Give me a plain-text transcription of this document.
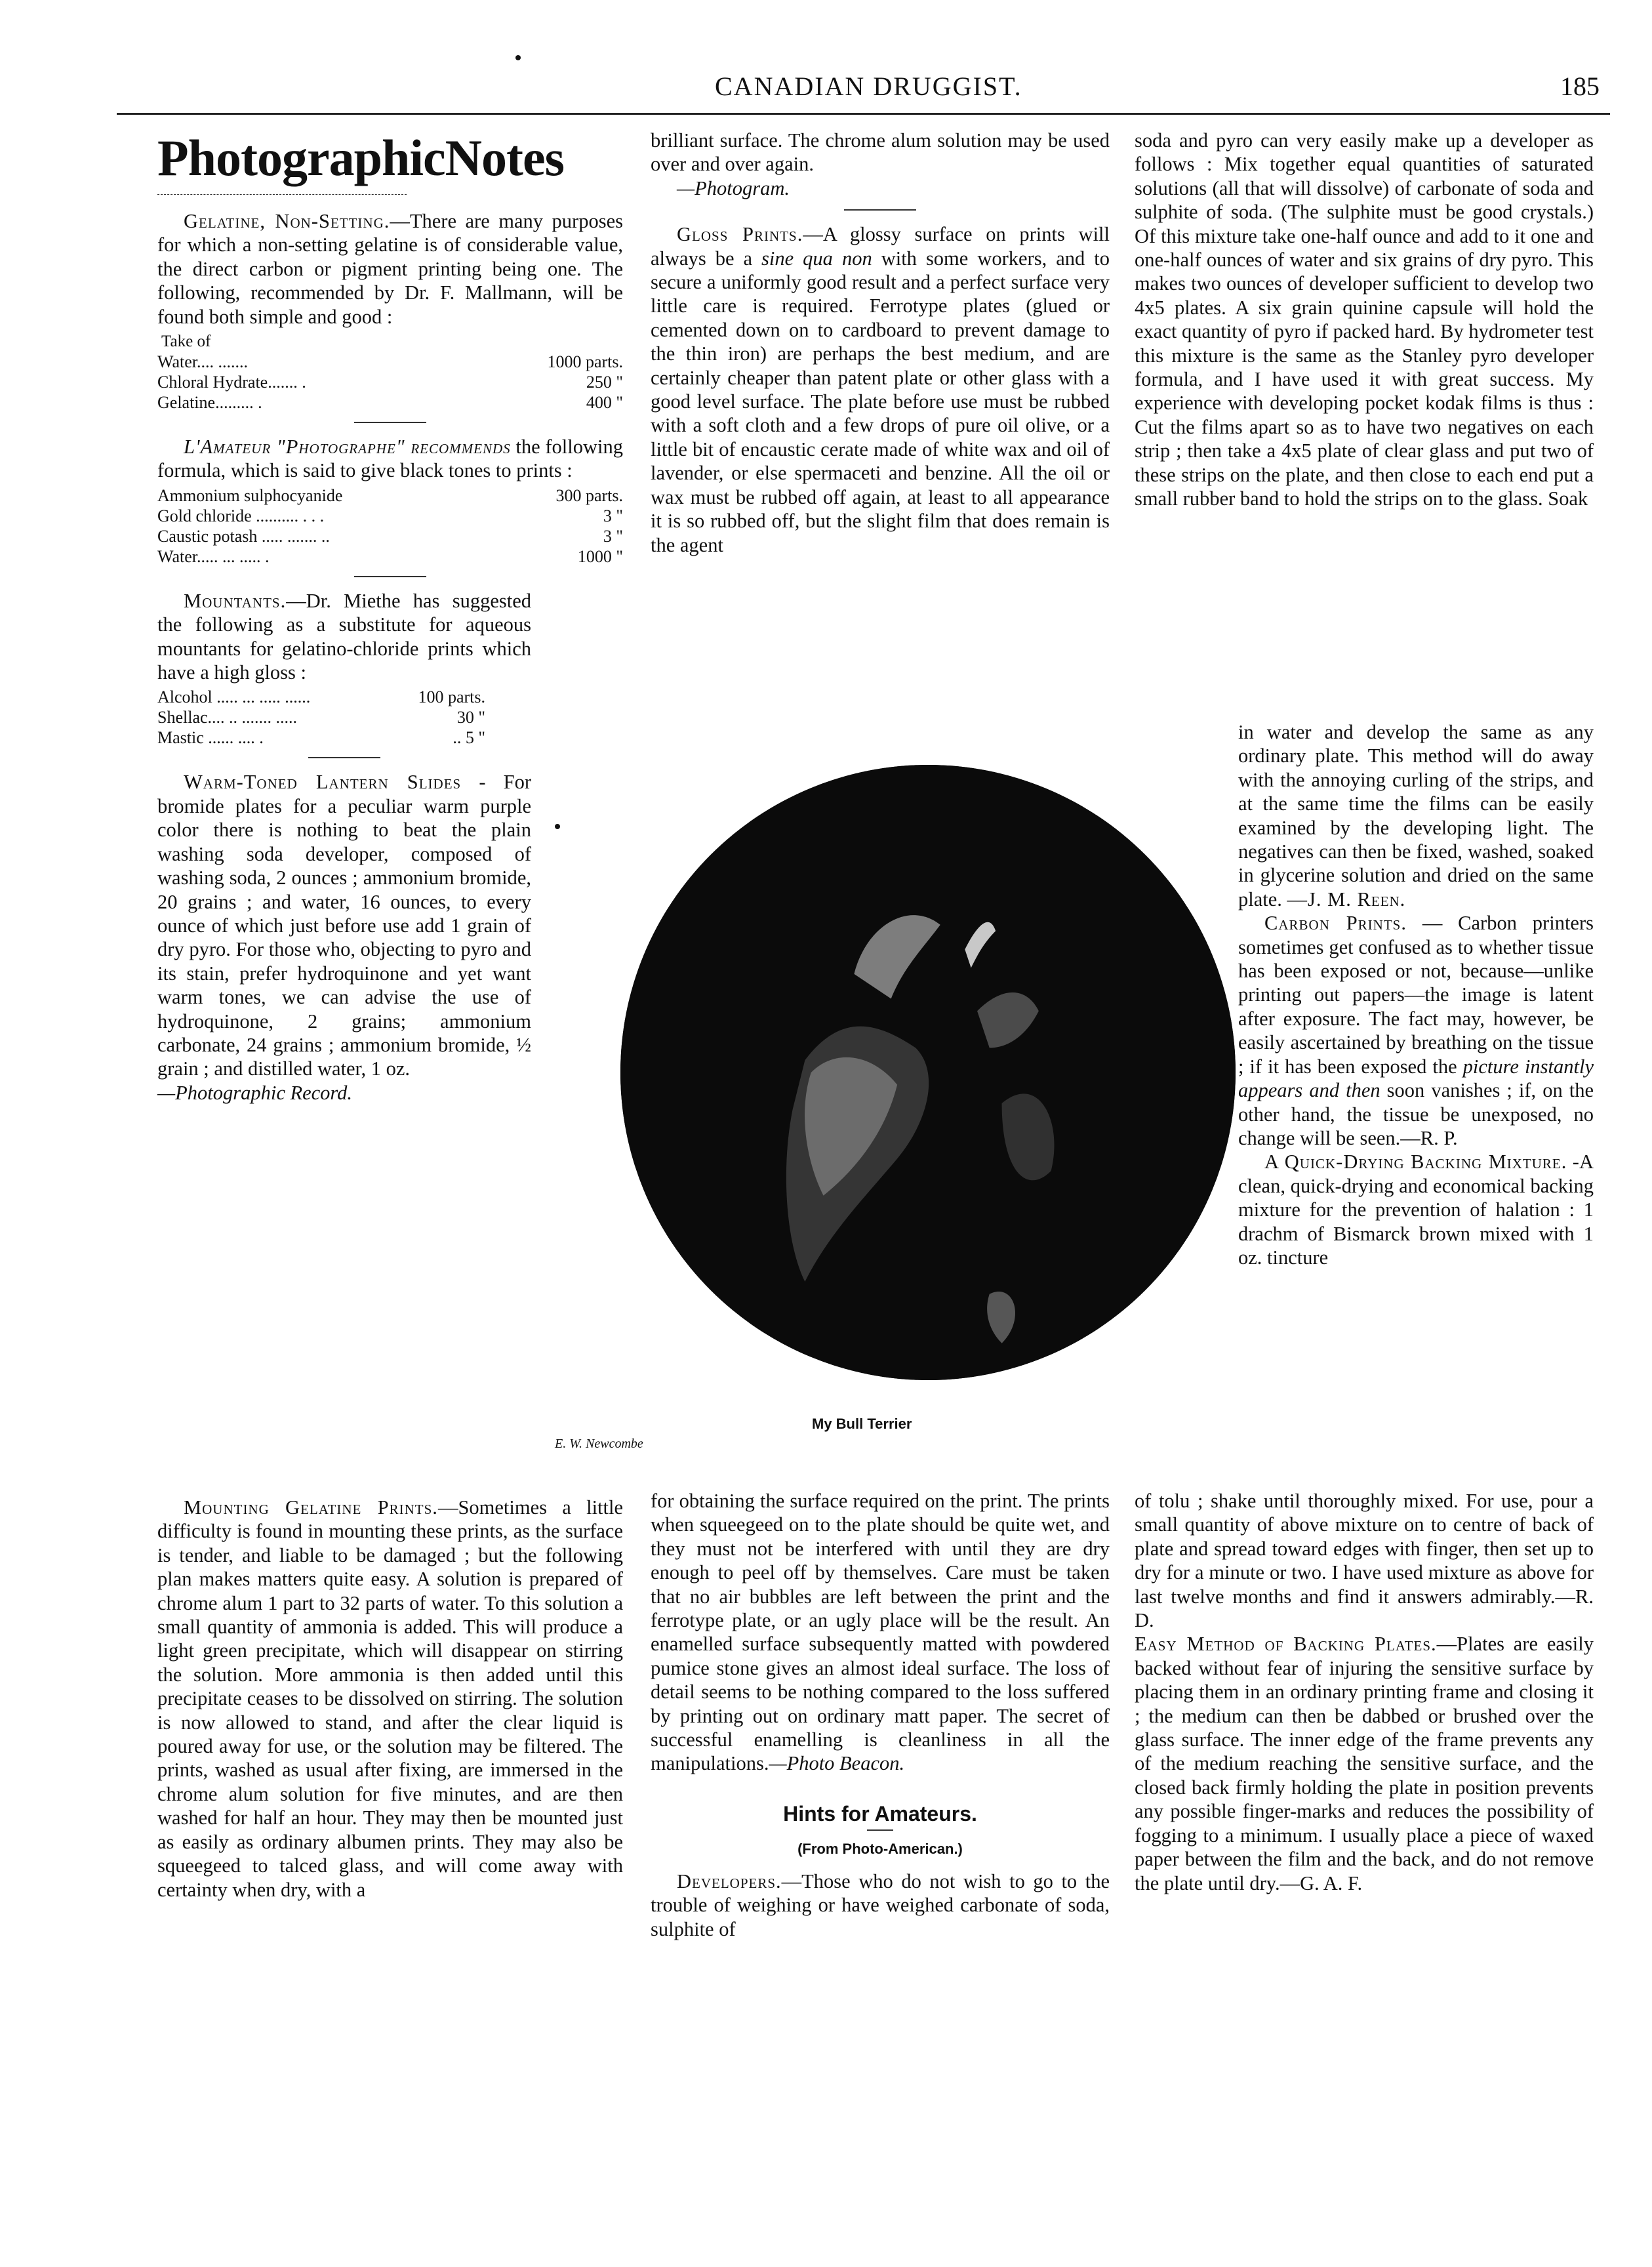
CANADIAN DRUGGIST.	185
PhotographicNotes

Gelatine, Non-Setting.—There are many purposes for which a non-setting gelatine is of considerable value, the direct carbon or pigment printing being one. The following, recommended by Dr. F. Mallmann, will be found both simple and good :

Take of
Water.... .......	1000 parts.
Chloral Hydrate....... .	250 "
Gelatine......... .	400 "

L'Amateur "Photographe" recommends the following formula, which is said to give black tones to prints :

Ammonium sulphocyanide	300 parts.
Gold chloride .......... . . .	3 "
Caustic potash ..... ....... ..	3 "
Water..... ... ..... .	1000 "

Mountants.—Dr. Miethe has suggested the following as a substitute for aqueous mountants for gelatino-chloride prints which have a high gloss :

Alcohol ..... ... ..... ......	100 parts.
Shellac.... .. ....... .....	30 "
Mastic ...... .... .	.. 5 "

Warm-Toned Lantern Slides - For bromide plates for a peculiar warm purple color there is nothing to beat the plain washing soda developer, composed of washing soda, 2 ounces ; ammonium bromide, 20 grains ; and water, 16 ounces, to every ounce of which just before use add 1 grain of dry pyro. For those who, objecting to pyro and its stain, prefer hydroquinone and yet want warm tones, we can advise the use of hydroquinone, 2 grains; ammonium carbonate, 24 grains ; ammonium bromide, ½ grain ; and distilled water, 1 oz.

—Photographic Record.

Mounting Gelatine Prints.—Sometimes a little difficulty is found in mounting these prints, as the surface is tender, and liable to be damaged ; but the following plan makes matters quite easy. A solution is prepared of chrome alum 1 part to 32 parts of water. To this solution a small quantity of ammonia is added. This will produce a light green precipitate, which will disappear on stirring the solution. More ammonia is then added until this precipitate ceases to be dissolved on stirring. The solution is now allowed to stand, and after the clear liquid is poured away for use, or the solution may be filtered. The prints, washed as usual after fixing, are immersed in the chrome alum solution for five minutes, and are then washed for half an hour. They may then be mounted just as easily as ordinary albumen prints. They may also be squeegeed to talced glass, and will come away with certainty when dry, with a

brilliant surface. The chrome alum solution may be used over and over again.

—Photogram.

Gloss Prints.—A glossy surface on prints will always be a sine qua non with some workers, and to secure a uniformly good result and a perfect surface very little care is required. Ferrotype plates (glued or cemented down on to cardboard to prevent damage to the thin iron) are perhaps the best medium, and are certainly cheaper than patent plate or other glass with a good level surface. The plate before use must be rubbed with a soft cloth and a few drops of pure oil olive, or a little bit of encaustic cerate made of white wax and oil of lavender, or else spermaceti and benzine. All the oil or wax must be rubbed off again, at least to all appearance it is so rubbed off, but the slight film that does remain is the agent

for obtaining the surface required on the print. The prints when squeegeed on to the plate should be quite wet, and they must not be interfered with until they are dry enough to peel off by themselves. Care must be taken that no air bubbles are left between the print and the ferrotype plate, or an ugly place will be the result. An enamelled surface subsequently matted with powdered pumice stone gives an almost ideal surface. The loss of detail seems to be nothing compared to the loss suffered by printing out on ordinary matt paper. The secret of successful enamelling is cleanliness in all the manipulations.—Photo Beacon.

Hints for Amateurs.
(From Photo-American.)

Developers.—Those who do not wish to go to the trouble of weighing or have weighed carbonate of soda, sulphite of

soda and pyro can very easily make up a developer as follows : Mix together equal quantities of saturated solutions (all that will dissolve) of carbonate of soda and sulphite of soda. (The sulphite must be good crystals.) Of this mixture take one-half ounce and add to it one and one-half ounces of water and six grains of dry pyro. This makes two ounces of developer sufficient to develop two 4x5 plates. A six grain quinine capsule will hold the exact quantity of pyro if packed hard. By hydrometer test this mixture is the same as the Stanley pyro developer formula, and I have used it with great success. My experience with developing pocket kodak films is thus : Cut the films apart so as to have two negatives on each strip ; then take a 4x5 plate of clear glass and put two of these strips on the plate, and then close to each end put a small rubber band to hold the strips on to the glass. Soak

in water and develop the same as any ordinary plate. This method will do away with the annoying curling of the strips, and at the same time the films can be easily examined by the developing light. The negatives can then be fixed, washed, soaked in glycerine solution and dried on the same plate. —J. M. Reen.

Carbon Prints. — Carbon printers sometimes get confused as to whether tissue has been exposed or not, because—unlike printing out papers—the image is latent after exposure. The fact may, however, be easily ascertained by breathing on the tissue ; if it has been exposed the picture instantly appears and then soon vanishes ; if, on the other hand, the tissue be unexposed, no change will be seen.—R. P.

A Quick-Drying Backing Mixture. -A clean, quick-drying and economical backing mixture for the prevention of halation : 1 drachm of Bismarck brown mixed with 1 oz. tincture

of tolu ; shake until thoroughly mixed. For use, pour a small quantity of above mixture on to centre of back of plate and spread toward edges with finger, then set up to dry for a minute or two. I have used mixture as above for last twelve months and find it answers admirably.—R. D.

Easy Method of Backing Plates.—Plates are easily backed without fear of injuring the sensitive surface by placing them in an ordinary printing frame and closing it ; the medium can then be dabbed or brushed over the glass surface. The inner edge of the frame prevents any of the medium reaching the sensitive surface, and the closed back firmly holding the plate in position prevents any possible finger-marks and reduces the possibility of fogging to a minimum. I usually place a piece of waxed paper between the film and the back, and do not remove the plate until dry.—G. A. F.

My Bull Terrier
E. W. Newcombe
